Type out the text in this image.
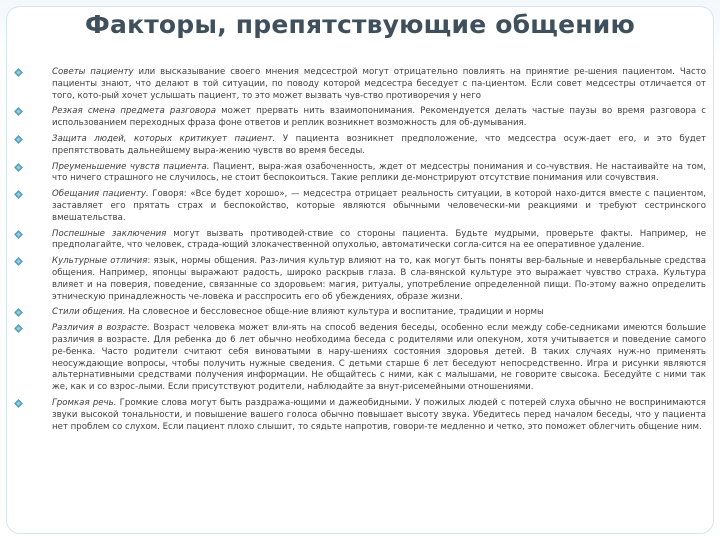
Факторы, препятствующие общению
Советы пациенту или высказывание своего мнения медсестрой могут отрицательно повлиять на принятие ре-шения пациентом. Часто пациенты знают, что делают в той ситуации, по поводу которой медсестра беседует с па-циентом. Если совет медсестры отличается от того, кото-рый хочет услышать пациент, то это может вызвать чув-ство противоречия у него
Резкая смена предмета разговора может прервать нить взаимопонимания. Рекомендуется делать частые паузы во время разговора с использованием переходных фраза фоне ответов и реплик возникнет возможность для об-думывания.
Защита людей, которых критикует пациент. У пациента возникнет предположение, что медсестра осуж-дает его, и это будет препятствовать дальнейшему выра-жению чувств во время беседы.
Преуменьшение чувств пациента. Пациент, выра-жая озабоченность, ждет от медсестры понимания и со-чувствия. Не настаивайте на том, что ничего страшного не случилось, не стоит беспокоиться. Такие реплики де-монстрируют отсутствие понимания или сочувствия.
Обещания пациенту. Говоря: «Все будет хорошо», — медсестра отрицает реальность ситуации, в которой нахо-дится вместе с пациентом, заставляет его прятать страх и беспокойство, которые являются обычными человечески-ми реакциями и требуют сестринского вмешательства.
Поспешные заключения могут вызвать противодей-ствие со стороны пациента. Будьте мудрыми, проверьте факты. Например, не предполагайте, что человек, страда-ющий злокачественной опухолью, автоматически согла-сится на ее оперативное удаление.
Культурные отличия: язык, нормы общения. Раз-личия культур влияют на то, как могут быть поняты вер-бальные и невербальные средства общения. Например, японцы выражают радость, широко раскрыв глаза. В сла-вянской культуре это выражает чувство страха. Культура влияет и на поверия, поведение, связанные со здоровьем: магия, ритуалы, употребление определенной пищи. По-этому важно определить этническую принадлежность че-ловека и расспросить его об убеждениях, образе жизни.
Стили общения. На словесное и бессловесное обще-ние влияют культура и воспитание, традиции и нормы
Различия в возрасте. Возраст человека может вли-ять на способ ведения беседы, особенно если между собе-седниками имеются большие различия в возрасте. Для ребенка до 6 лет обычно необходима беседа с родителями или опекуном, хотя учитывается и поведение самого ре-бенка. Часто родители считают себя виноватыми в нару-шениях состояния здоровья детей. В таких случаях нуж-но применять неосуждающие вопросы, чтобы получить нужные сведения. С детьми старше 6 лет беседуют непосредственно. Игра и рисунки являются альтернативными средствами получения информации. Не общайтесь с ними, как с малышами, не говорите свысока. Беседуйте с ними так же, как и со взрос-лыми. Если присутствуют родители, наблюдайте за внут-рисемейными отношениями.
Громкая речь. Громкие слова могут быть раздража-ющими и дажеобидными. У пожилых людей с потерей слуха обычно не воспринимаются звуки высокой тональности, и повышение вашего голоса обычно повышает высоту звука. Убедитесь перед началом беседы, что у пациента нет проблем со слухом. Если пациент плохо слышит, то сядьте напротив, говори-те медленно и четко, это поможет облегчить общение ним.
